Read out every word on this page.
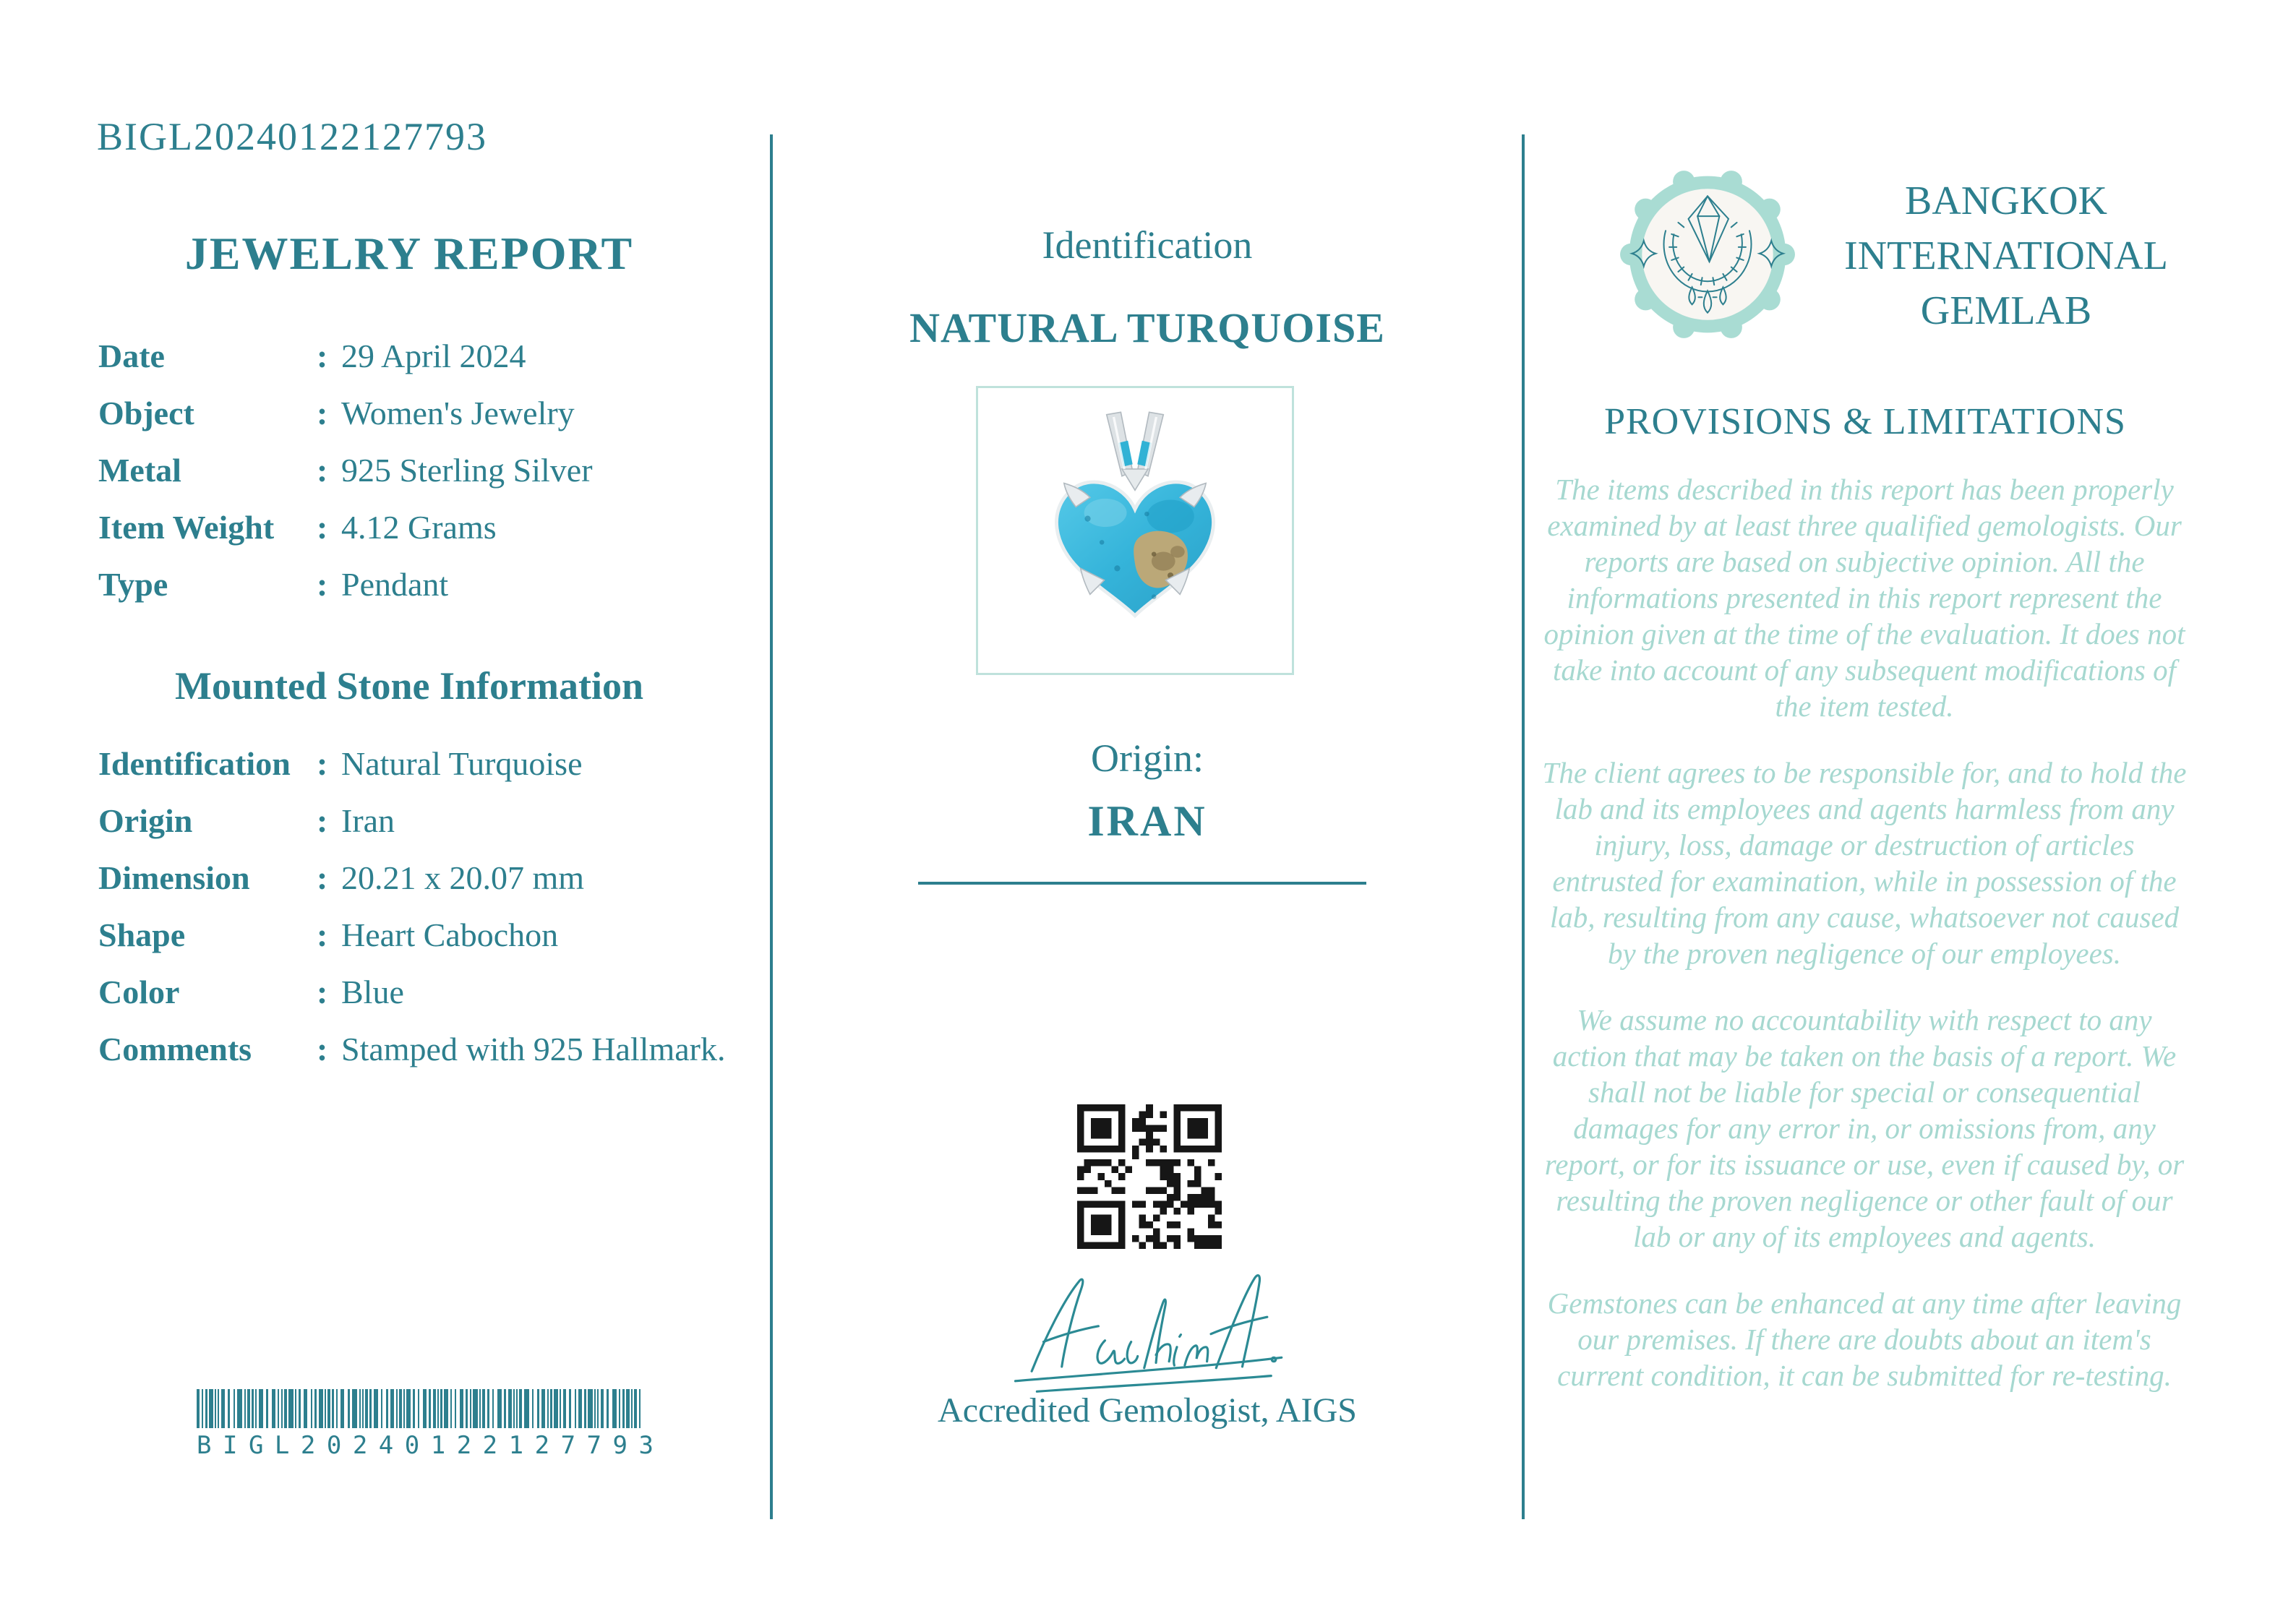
BIGL20240122127793
JEWELRY REPORT
Date	: 29 April 2024
Object	: Women's Jewelry
Metal	: 925 Sterling Silver
Item Weight	: 4.12 Grams
Type	: Pendant
Mounted Stone Information
Identification : Natural Turquoise
Origin	: Iran
Dimension	: 20.21 x 20.07 mm
Shape	: Heart Cabochon
Color	: Blue
Comments	: Stamped with 925 Hallmark.
B I G L 2 0 2 4 0 1 2 2 1 2 7 7 9 3
Identification
NATURAL TURQUOISE
Origin:
IRAN
Accredited Gemologist, AIGS
BANGKOK
INTERNATIONAL
GEMLAB
PROVISIONS & LIMITATIONS

The items described in this report has been properly examined by at least three qualified gemologists. Our reports are based on subjective opinion. All the informations presented in this report represent the opinion given at the time of the evaluation. It does not take into account of any subsequent modifications of the item tested.

The client agrees to be responsible for, and to hold the lab and its employees and agents harmless from any injury, loss, damage or destruction of articles entrusted for examination, while in possession of the lab, resulting from any cause, whatsoever not caused by the proven negligence of our employees.

We assume no accountability with respect to any action that may be taken on the basis of a report. We shall not be liable for special or consequential damages for any error in, or omissions from, any report, or for its issuance or use, even if caused by, or resulting the proven negligence or other fault of our lab or any of its employees and agents.

Gemstones can be enhanced at any time after leaving our premises. If there are doubts about an item's current condition, it can be submitted for re-testing.
